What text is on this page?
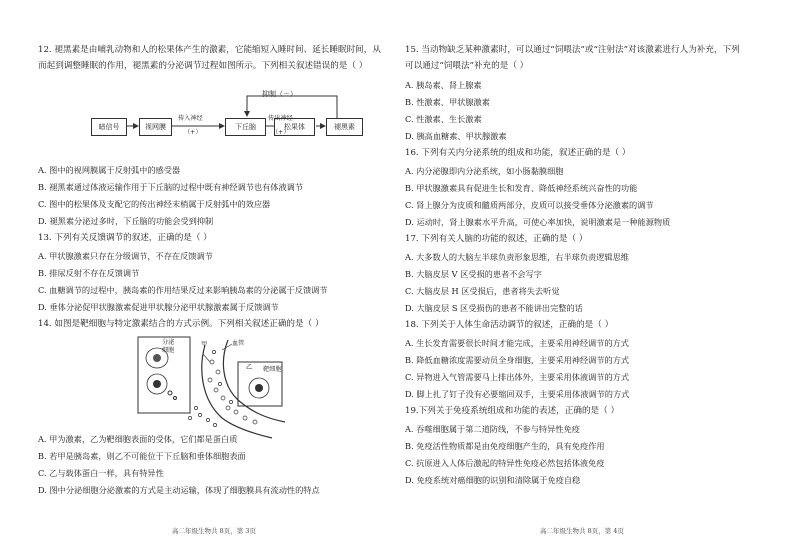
12. 褪黑素是由哺乳动物和人的松果体产生的激素，它能缩短入睡时间、延长睡眠时间，从
而起到调整睡眠的作用，褪黑素的分泌调节过程如图所示。下列相关叙述错误的是（ ）
抑制（－）
暗信号	视网膜	下丘脑	松果体	褪黑素
传入神经
（+）
传出神经
（+）
A. 图中的视网膜属于反射弧中的感受器
B. 褪黑素通过体液运输作用于下丘脑的过程中既有神经调节也有体液调节
C. 图中的松果体及支配它的传出神经末梢属于反射弧中的效应器
D. 褪黑素分泌过多时，下丘脑的功能会受到抑制
13. 下列有关反馈调节的叙述，正确的是（ ）
A. 甲状腺激素只存在分级调节，不存在反馈调节
B. 排尿反射不存在反馈调节
C. 血糖调节的过程中，胰岛素的作用结果反过来影响胰岛素的分泌属于反馈调节
D. 垂体分泌促甲状腺激素促进甲状腺分泌甲状腺激素属于反馈调节
14. 如图是靶细胞与特定激素结合的方式示例。下列相关叙述正确的是（ ）
分泌细胞
甲	血管
靶细胞
乙
A. 甲为激素，乙为靶细胞表面的受体，它们都是蛋白质
B. 若甲是胰岛素，则乙不可能位于下丘脑和垂体细胞表面
C. 乙与载体蛋白一样，具有特异性
D. 图中分泌细胞分泌激素的方式是主动运输，体现了细胞膜具有流动性的特点
高二年级生物共 8页，第 3页
15. 当动物缺乏某种激素时，可以通过“饲喂法”或“注射法”对该激素进行人为补充，下列
可以通过“饲喂法”补充的是（ ）
A. 胰岛素、肾上腺素
B. 性激素、甲状腺激素
C. 性激素、生长激素
D. 胰高血糖素、甲状腺激素
16. 下列有关内分泌系统的组成和功能，叙述正确的是（ ）
A. 内分泌腺即内分泌系统，如小肠黏膜细胞
B. 甲状腺激素具有促进生长和发育、降低神经系统兴奋性的功能
C. 肾上腺分为皮质和髓质两部分，皮质可以接受垂体分泌激素的调节
D. 运动时，肾上腺素水平升高，可使心率加快，说明激素是一种能源物质
17. 下列有关人脑的功能的叙述，正确的是（ ）
A. 大多数人的大脑左半球负责形象思维，右半球负责逻辑思维
B. 大脑皮层 V 区受损的患者不会写字
C. 大脑皮层 H 区受损后，患者将失去听觉
D. 大脑皮层 S 区受损伤的患者不能讲出完整的话
18. 下列关于人体生命活动调节的叙述，正确的是（ ）
A. 生长发育需要很长时间才能完成，主要采用神经调节的方式
B. 降低血糖浓度需要动员全身细胞，主要采用神经调节的方式
C. 异物进入气管需要马上排出体外，主要采用体液调节的方式
D. 脚上扎了钉子没有必要缩回双手，主要采用体液调节的方式
19.下列关于免疫系统组成和功能的表述，正确的是（ ）
A. 吞噬细胞属于第二道防线，不参与特异性免疫
B. 免疫活性物质都是由免疫细胞产生的，具有免疫作用
C. 抗原进入人体后激起的特异性免疫必然包括体液免疫
D. 免疫系统对癌细胞的识别和清除属于免疫自稳
高二年级生物共 8页，第 4页
